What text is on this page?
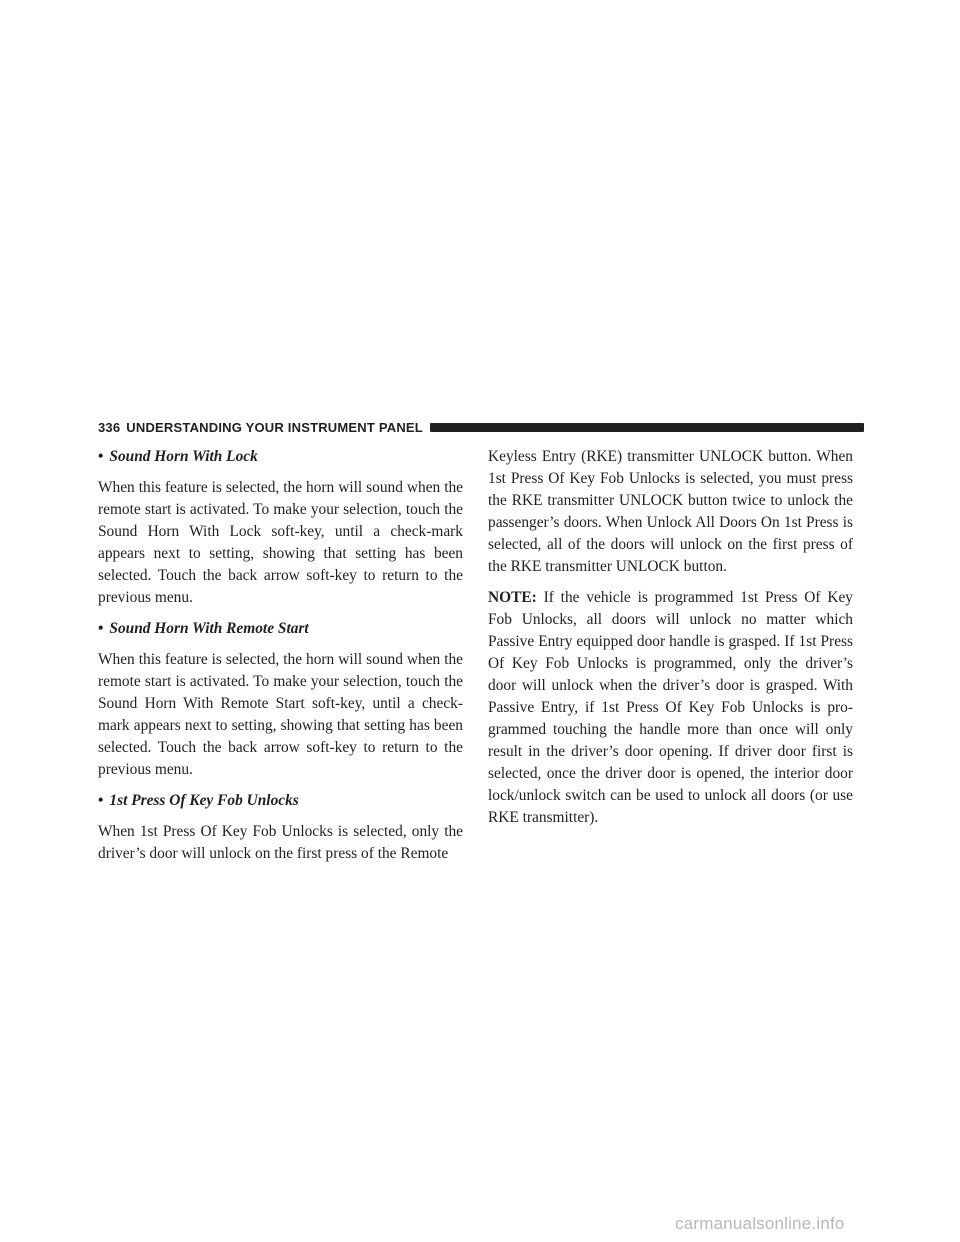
336 UNDERSTANDING YOUR INSTRUMENT PANEL
• Sound Horn With Lock

When this feature is selected, the horn will sound when the remote start is activated. To make your selection, touch the Sound Horn With Lock soft-key, until a check-mark appears next to setting, showing that setting has been selected. Touch the back arrow soft-key to return to the previous menu.

• Sound Horn With Remote Start

When this feature is selected, the horn will sound when the remote start is activated. To make your selection, touch the Sound Horn With Remote Start soft-key, until a check-mark appears next to setting, showing that setting has been selected. Touch the back arrow soft-key to return to the previous menu.

• 1st Press Of Key Fob Unlocks

When 1st Press Of Key Fob Unlocks is selected, only the driver’s door will unlock on the first press of the Remote

Keyless Entry (RKE) transmitter UNLOCK button. When 1st Press Of Key Fob Unlocks is selected, you must press the RKE transmitter UNLOCK button twice to unlock the passenger’s doors. When Unlock All Doors On 1st Press is selected, all of the doors will unlock on the first press of the RKE transmitter UNLOCK button.

NOTE: If the vehicle is programmed 1st Press Of Key Fob Unlocks, all doors will unlock no matter which Passive Entry equipped door handle is grasped. If 1st Press Of Key Fob Unlocks is programmed, only the driver’s door will unlock when the driver’s door is grasped. With Passive Entry, if 1st Press Of Key Fob Unlocks is pro-grammed touching the handle more than once will only result in the driver’s door opening. If driver door first is selected, once the driver door is opened, the interior door lock/unlock switch can be used to unlock all doors (or use RKE transmitter).

carmanualsonline.info
